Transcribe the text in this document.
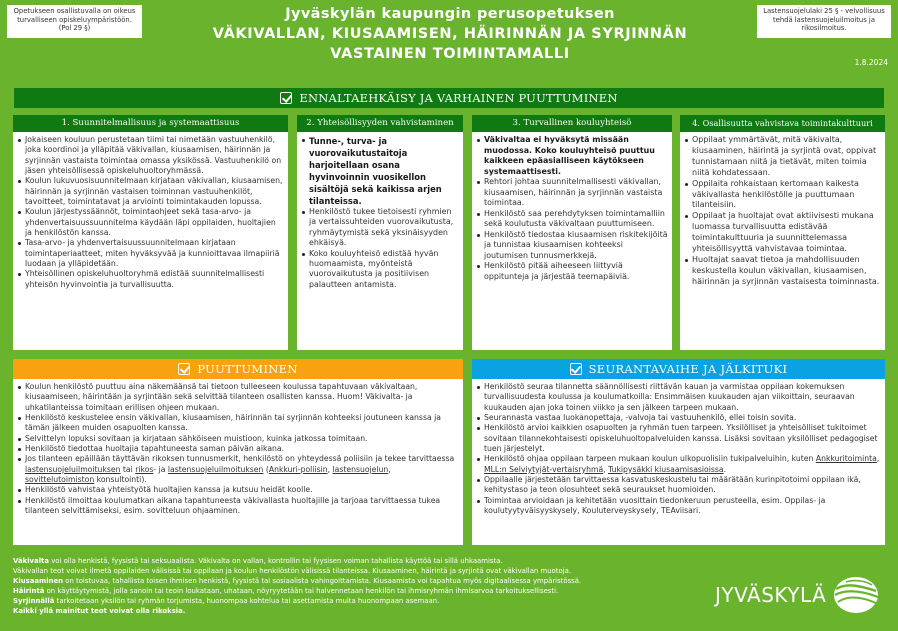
Opetukseen osallistuvalla on oikeus turvalliseen opiskeluympäristöön. (Pol 29 §)
Lastensuojelulaki 25 § - velvollisuus tehdä lastensuojeluilmoitus ja rikosilmoitus.
Jyväskylän kaupungin perusopetuksen
VÄKIVALLAN, KIUSAAMISEN, HÄIRINNÄN JA SYRJINNÄN
VASTAINEN TOIMINTAMALLI
1.8.2024
ENNALTAEHKÄISY JA VARHAINEN PUUTTUMINEN
1. Suunnitelmallisuus ja systemaattisuus
Jokaiseen kouluun perustetaan tiimi tai nimetään vastuuhenkilö, joka koordinoi ja ylläpitää väkivallan, kiusaamisen, häirinnän ja syrjinnän vastaista toimintaa omassa yksikössä. Vastuuhenkilö on jäsen yhteisöllisessä opiskeluhuoltoryhmässä.
Koulun lukuvuosisuunnitelmaan kirjataan väkivallan, kiusaamisen, häirinnän ja syrjinnän vastaisen toiminnan vastuuhenkilöt, tavoitteet, toimintatavat ja arviointi toimintakauden lopussa.
Koulun järjestyssäännöt, toimintaohjeet sekä tasa-arvo- ja yhdenvertaisuussuunnitelma käydään läpi oppilaiden, huoltajien ja henkilöstön kanssa.
Tasa-arvo- ja yhdenvertaisuussuunnitelmaan kirjataan toimintaperiaatteet, miten hyväksyvää ja kunnioittavaa ilmapiiriä luodaan ja ylläpidetään.
Yhteisöllinen opiskeluhuoltoryhmä edistää suunnitelmallisesti yhteisön hyvinvointia ja turvallisuutta.
2. Yhteisöllisyyden vahvistaminen
Tunne-, turva- ja vuorovaikutustaitoja harjoitellaan osana hyvinvoinnin vuosikellon sisältöjä sekä kaikissa arjen tilanteissa.
Henkilöstö tukee tietoisesti ryhmien ja vertaissuhteiden vuorovaikutusta, ryhmäytymistä sekä yksinäisyyden ehkäisyä.
Koko kouluyhteisö edistää hyvän huomaamista, myönteistä vuorovaikutusta ja positiivisen palautteen antamista.
3. Turvallinen kouluyhteisö
Väkivaltaa ei hyväksytä missään muodossa. Koko kouluyhteisö puuttuu kaikkeen epäasialliseen käytökseen systemaattisesti.
Rehtori johtaa suunnitelmallisesti väkivallan, kiusaamisen, häirinnän ja syrjinnän vastaista toimintaa.
Henkilöstö saa perehdytyksen toimintamalliin sekä koulutusta väkivaltaan puuttumiseen.
Henkilöstö tiedostaa kiusaamisen riskitekijöitä ja tunnistaa kiusaamisen kohteeksi joutumisen tunnusmerkkejä.
Henkilöstö pitää aiheeseen liittyviä oppitunteja ja järjestää teemapäiviä.
4. Osallisuutta vahvistava toimintakulttuuri
Oppilaat ymmärtävät, mitä väkivalta, kiusaaminen, häirintä ja syrjintä ovat, oppivat tunnistamaan niitä ja tietävät, miten toimia niitä kohdatessaan.
Oppilaita rohkaistaan kertomaan kaikesta väkivallasta henkilöstölle ja puuttumaan tilanteisiin.
Oppilaat ja huoltajat ovat aktiivisesti mukana luomassa turvallisuutta edistävää toimintakulttuuria ja suunnittelemassa yhteisöllisyyttä vahvistavaa toimintaa.
Huoltajat saavat tietoa ja mahdollisuuden keskustella koulun väkivallan, kiusaamisen, häirinnän ja syrjinnän vastaisesta toiminnasta.
PUUTTUMINEN
Koulun henkilöstö puuttuu aina näkemäänsä tai tietoon tulleeseen koulussa tapahtuvaan väkivaltaan, kiusaamiseen, häirintään ja syrjintään sekä selvittää tilanteen osallisten kanssa. Huom! Väkivalta- ja uhkatilanteissa toimitaan erillisen ohjeen mukaan.
Henkilöstö keskustelee ensin väkivallan, kiusaamisen, häirinnän tai syrjinnän kohteeksi joutuneen kanssa ja tämän jälkeen muiden osapuolten kanssa.
Selvittelyn lopuksi sovitaan ja kirjataan sähköiseen muistioon, kuinka jatkossa toimitaan.
Henkilöstö tiedottaa huoltajia tapahtuneesta saman päivän aikana.
Jos tilanteen epäillään täyttävän rikoksen tunnusmerkit, henkilöstö on yhteydessä poliisiin ja tekee tarvittaessa lastensuojeluilmoituksen tai rikos- ja lastensuojeluilmoituksen (Ankkuri-poliisin, lastensuojelun, sovittelutoimiston konsultointi).
Henkilöstö vahvistaa yhteistyötä huoltajien kanssa ja kutsuu heidät koolle.
Henkilöstö ilmoittaa koulumatkan aikana tapahtuneesta väkivallasta huoltajille ja tarjoaa tarvittaessa tukea tilanteen selvittämiseksi, esim. sovitteluun ohjaaminen.
SEURANTAVAIHE JA JÄLKITUKI
Henkilöstö seuraa tilannetta säännöllisesti riittävän kauan ja varmistaa oppilaan kokemuksen turvallisuudesta koulussa ja koulumatkoilla: Ensimmäisen kuukauden ajan viikoittain, seuraavan kuukauden ajan joka toinen viikko ja sen jälkeen tarpeen mukaan.
Seurannasta vastaa luokanopettaja, -valvoja tai vastuuhenkilö, ellei toisin sovita.
Henkilöstö arvioi kaikkien osapuolten ja ryhmän tuen tarpeen. Yksilölliset ja yhteisölliset tukitoimet sovitaan tilannekohtaisesti opiskeluhuoltopalveluiden kanssa. Lisäksi sovitaan yksilölliset pedagogiset tuen järjestelyt.
Henkilöstö ohjaa oppilaan tarpeen mukaan koulun ulkopuolisiin tukipalveluihin, kuten Ankkuritoiminta, MLL:n Selviytyjät-vertaisryhmä, Tukipysäkki kiusaamisasioissa.
Oppilaalle järjestetään tarvittaessa kasvatuskeskustelu tai määrätään kurinpitotoimi oppilaan ikä, kehitystaso ja teon olosuhteet sekä seuraukset huomioiden.
Toimintaa arvioidaan ja kehitetään vuosittain tiedonkeruun perusteella, esim. Oppilas- ja koulutyytyväisyyskysely, Kouluterveyskysely, TEAviisari.
Väkivalta voi olla henkistä, fyysistä tai seksuaalista. Väkivalta on vallan, kontrollin tai fyysisen voiman tahallista käyttöä tai sillä uhkaamista.
Väkivallan teot voivat ilmetä oppilaiden välisissä tai oppilaan ja koulun henkilöstön välisissä tilanteissa. Kiusaaminen, häirintä ja syrjintä ovat väkivallan muotoja.
Kiusaaminen on toistuvaa, tahallista toisen ihmisen henkistä, fyysistä tai sosiaalista vahingoittamista. Kiusaamista voi tapahtua myös digitaalisessa ympäristössä.
Häirintä on käyttäytymistä, jolla sanoin tai teoin loukataan, uhataan, nöyryytetään tai halvennetaan henkilön tai ihmisryhmän ihmisarvoa tarkoituksellisesti.
Syrjinnällä tarkoitetaan yksilön tai ryhmän torjumista, huonompaa kohtelua tai asettamista muita huonompaan asemaan.
Kaikki yllä mainitut teot voivat olla rikoksia.
JYVÄSKYLÄ
